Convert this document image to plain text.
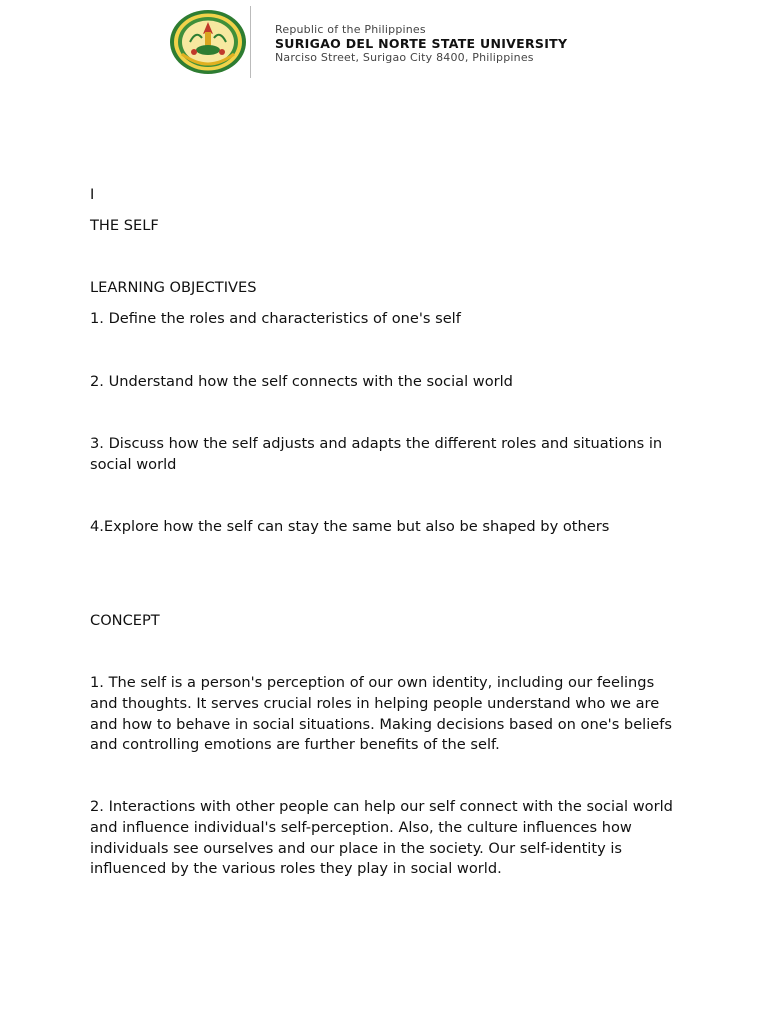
Republic of the Philippines
SURIGAO DEL NORTE STATE UNIVERSITY
Narciso Street, Surigao City 8400, Philippines

I

THE SELF

LEARNING OBJECTIVES

1. Define the roles and characteristics of one's self

2. Understand how the self connects with the social world

3. Discuss how the self adjusts and adapts the different roles and situations in social world

4.Explore how the self can stay the same but also be shaped by others

CONCEPT

1. The self is a person's perception of our own identity, including our feelings and thoughts. It serves crucial roles in helping people understand who we are and how to behave in social situations. Making decisions based on one's beliefs and controlling emotions are further benefits of the self.

2. Interactions with other people can help our self connect with the social world and influence individual's self-perception. Also, the culture influences how individuals see ourselves and our place in the society. Our self-identity is influenced by the various roles they play in social world.
